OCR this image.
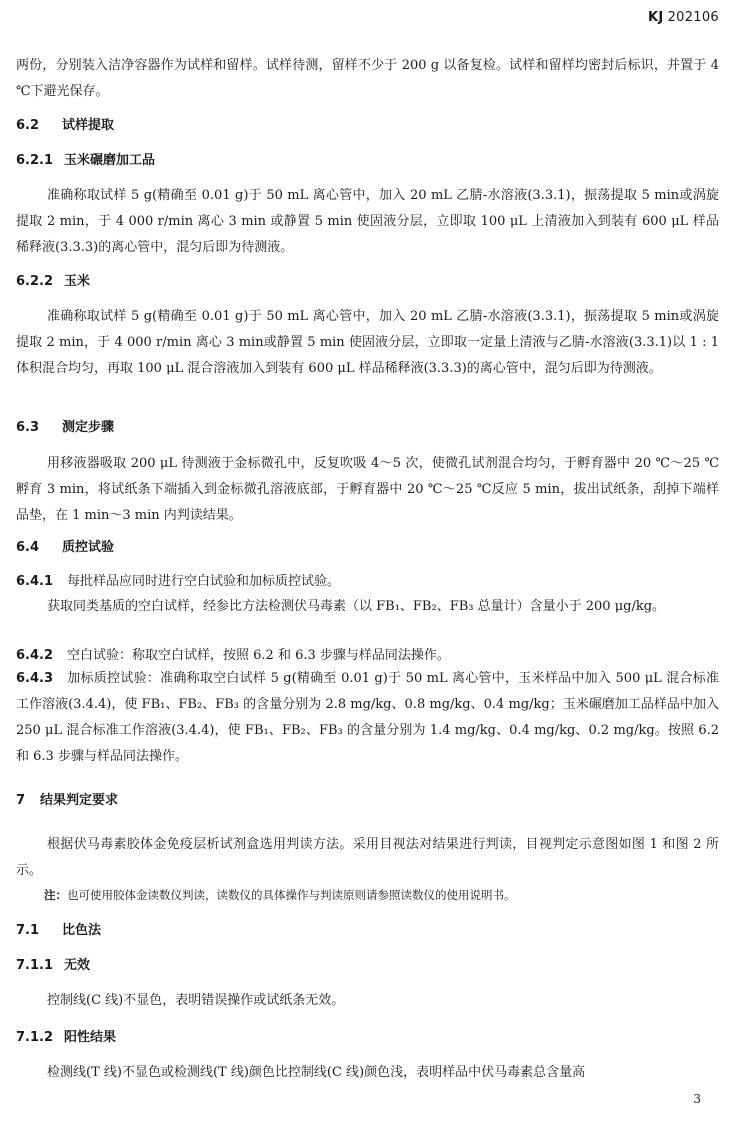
KJ 202106
两份，分别装入洁净容器作为试样和留样。试样待测，留样不少于 200 g 以备复检。试样和留样均密封后标识，并置于 4 ℃下避光保存。
6.2 试样提取
6.2.1 玉米碾磨加工品
准确称取试样 5 g(精确至 0.01 g)于 50 mL 离心管中，加入 20 mL 乙腈-水溶液(3.3.1)，振荡提取 5 min或涡旋提取 2 min，于 4 000 r/min 离心 3 min 或静置 5 min 使固液分层，立即取 100 μL 上清液加入到装有 600 μL 样品稀释液(3.3.3)的离心管中，混匀后即为待测液。
6.2.2 玉米
准确称取试样 5 g(精确至 0.01 g)于 50 mL 离心管中，加入 20 mL 乙腈-水溶液(3.3.1)，振荡提取 5 min或涡旋提取 2 min，于 4 000 r/min 离心 3 min或静置 5 min 使固液分层，立即取一定量上清液与乙腈-水溶液(3.3.1)以 1 : 1 体积混合均匀，再取 100 μL 混合溶液加入到装有 600 μL 样品稀释液(3.3.3)的离心管中，混匀后即为待测液。
6.3 测定步骤
用移液器吸取 200 μL 待测液于金标微孔中，反复吹吸 4～5 次，使微孔试剂混合均匀，于孵育器中 20 ℃～25 ℃孵育 3 min，将试纸条下端插入到金标微孔溶液底部，于孵育器中 20 ℃～25 ℃反应 5 min，拔出试纸条，刮掉下端样品垫，在 1 min～3 min 内判读结果。
6.4 质控试验
6.4.1 每批样品应同时进行空白试验和加标质控试验。
获取同类基质的空白试样，经参比方法检测伏马毒素（以 FB₁、FB₂、FB₃ 总量计）含量小于 200 μg/kg。
6.4.2 空白试验：称取空白试样，按照 6.2 和 6.3 步骤与样品同法操作。
6.4.3 加标质控试验：准确称取空白试样 5 g(精确至 0.01 g)于 50 mL 离心管中，玉米样品中加入 500 μL 混合标准工作溶液(3.4.4)，使 FB₁、FB₂、FB₃ 的含量分别为 2.8 mg/kg、0.8 mg/kg、0.4 mg/kg；玉米碾磨加工品样品中加入 250 μL 混合标准工作溶液(3.4.4)，使 FB₁、FB₂、FB₃ 的含量分别为 1.4 mg/kg、0.4 mg/kg、0.2 mg/kg。按照 6.2 和 6.3 步骤与样品同法操作。
7 结果判定要求
根据伏马毒素胶体金免疫层析试剂盒选用判读方法。采用目视法对结果进行判读，目视判定示意图如图 1 和图 2 所示。
注：也可使用胶体金读数仪判读，读数仪的具体操作与判读原则请参照读数仪的使用说明书。
7.1 比色法
7.1.1 无效
控制线(C 线)不显色，表明错误操作或试纸条无效。
7.1.2 阳性结果
检测线(T 线)不显色或检测线(T 线)颜色比控制线(C 线)颜色浅，表明样品中伏马毒素总含量高
3
